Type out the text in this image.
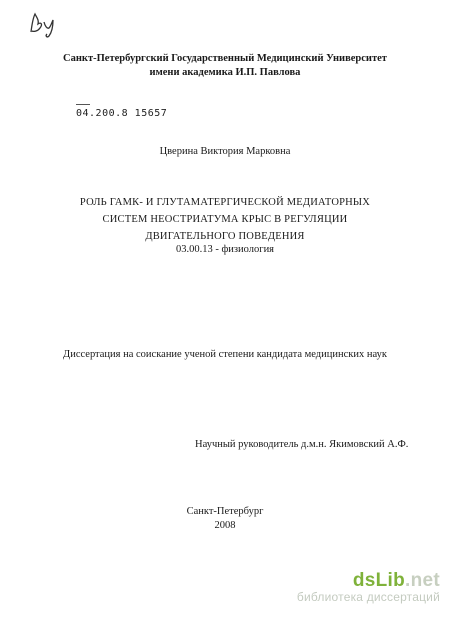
Санкт-Петербургский Государственный Медицинский Университет
имени академика И.П. Павлова
04.200.8 15657
Цверина Виктория Марковна
РОЛЬ ГАМК- И ГЛУТАМАТЕРГИЧЕСКОЙ МЕДИАТОРНЫХ
СИСТЕМ НЕОСТРИАТУМА КРЫС В РЕГУЛЯЦИИ
ДВИГАТЕЛЬНОГО ПОВЕДЕНИЯ
03.00.13 - физиология
Диссертация на соискание ученой степени кандидата медицинских наук
Научный руководитель д.м.н. Якимовский А.Ф.
Санкт-Петербург
2008
dsLib.net
библиотека диссертаций
